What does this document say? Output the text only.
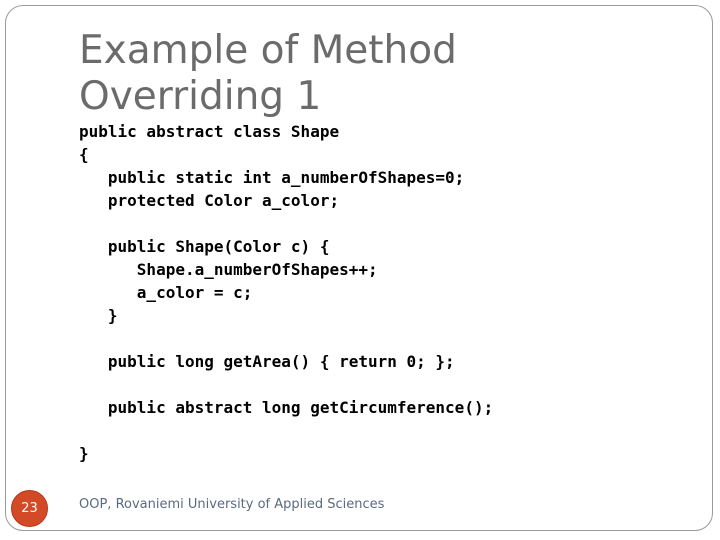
Example of Method
Overriding 1
public abstract class Shape
{
public static int a_numberOfShapes=0;
protected Color a_color;
public Shape(Color c) {
Shape.a_numberOfShapes++;
a_color = c;
}
public long getArea() { return 0; };
public abstract long getCircumference();
}
23	OOP, Rovaniemi University of Applied Sciences
